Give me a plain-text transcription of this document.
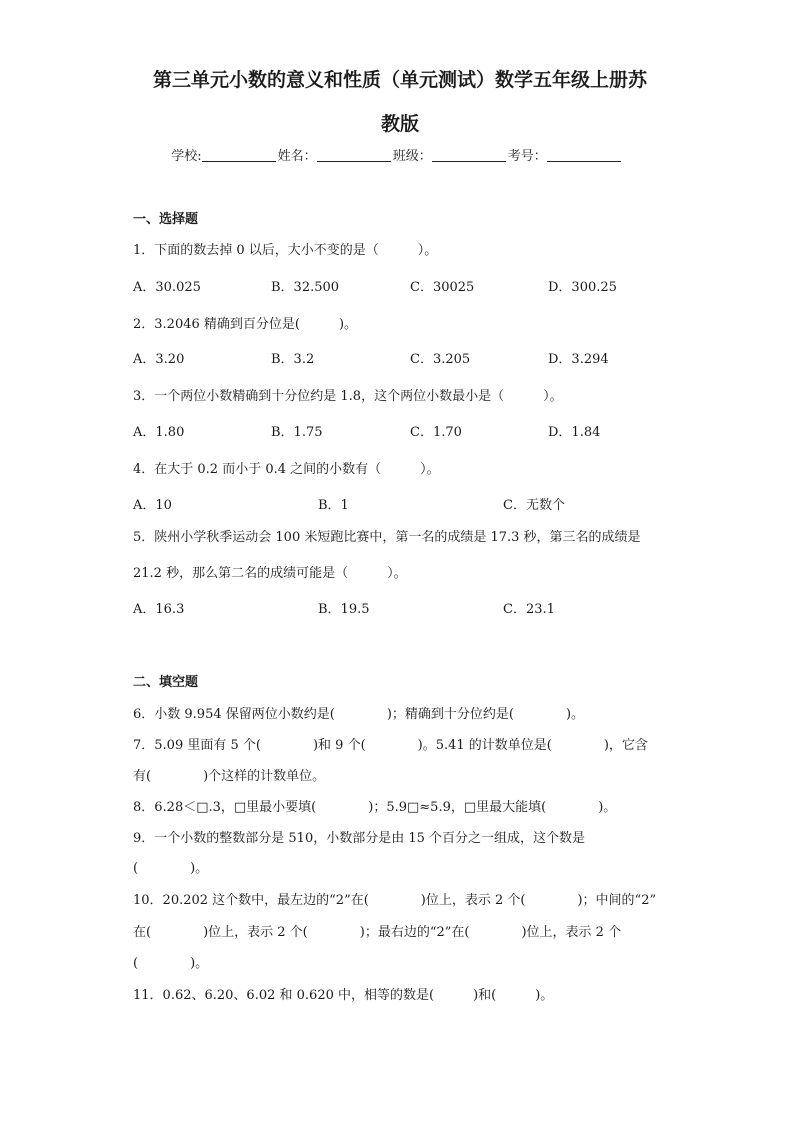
第三单元小数的意义和性质（单元测试）数学五年级上册苏
教版
学校:	姓名：	班级：	考号：
一、选择题
1．下面的数去掉 0 以后，大小不变的是（　　　）。
A．30.025	B．32.500	C．30025	D．300.25
2．3.2046 精确到百分位是(　　　)。
A．3.20	B．3.2	C．3.205	D．3.294
3．一个两位小数精确到十分位约是 1.8，这个两位小数最小是（　　　）。
A．1.80	B．1.75	C．1.70	D．1.84
4．在大于 0.2 而小于 0.4 之间的小数有（　　　）。
A．10	B．1	C．无数个
5．陕州小学秋季运动会 100 米短跑比赛中，第一名的成绩是 17.3 秒，第三名的成绩是
21.2 秒，那么第二名的成绩可能是（　　　）。
A．16.3	B．19.5	C．23.1
二、填空题
6．小数 9.954 保留两位小数约是(　　　　)；精确到十分位约是(　　　　)。
7．5.09 里面有 5 个(　　　　)和 9 个(　　　　)。5.41 的计数单位是(　　　　)，它含
有(　　　　)个这样的计数单位。
8．6.28＜□.3，□里最小要填(　　　　)；5.9□≈5.9，□里最大能填(　　　　)。
9．一个小数的整数部分是 510，小数部分是由 15 个百分之一组成，这个数是
(　　　　)。
10．20.202 这个数中，最左边的“2”在(　　　　)位上，表示 2 个(　　　　)；中间的“2”
在(　　　　)位上，表示 2 个(　　　　)；最右边的“2”在(　　　　)位上，表示 2 个
(　　　　)。
11．0.62、6.20、6.02 和 0.620 中，相等的数是(　　　)和(　　　)。
